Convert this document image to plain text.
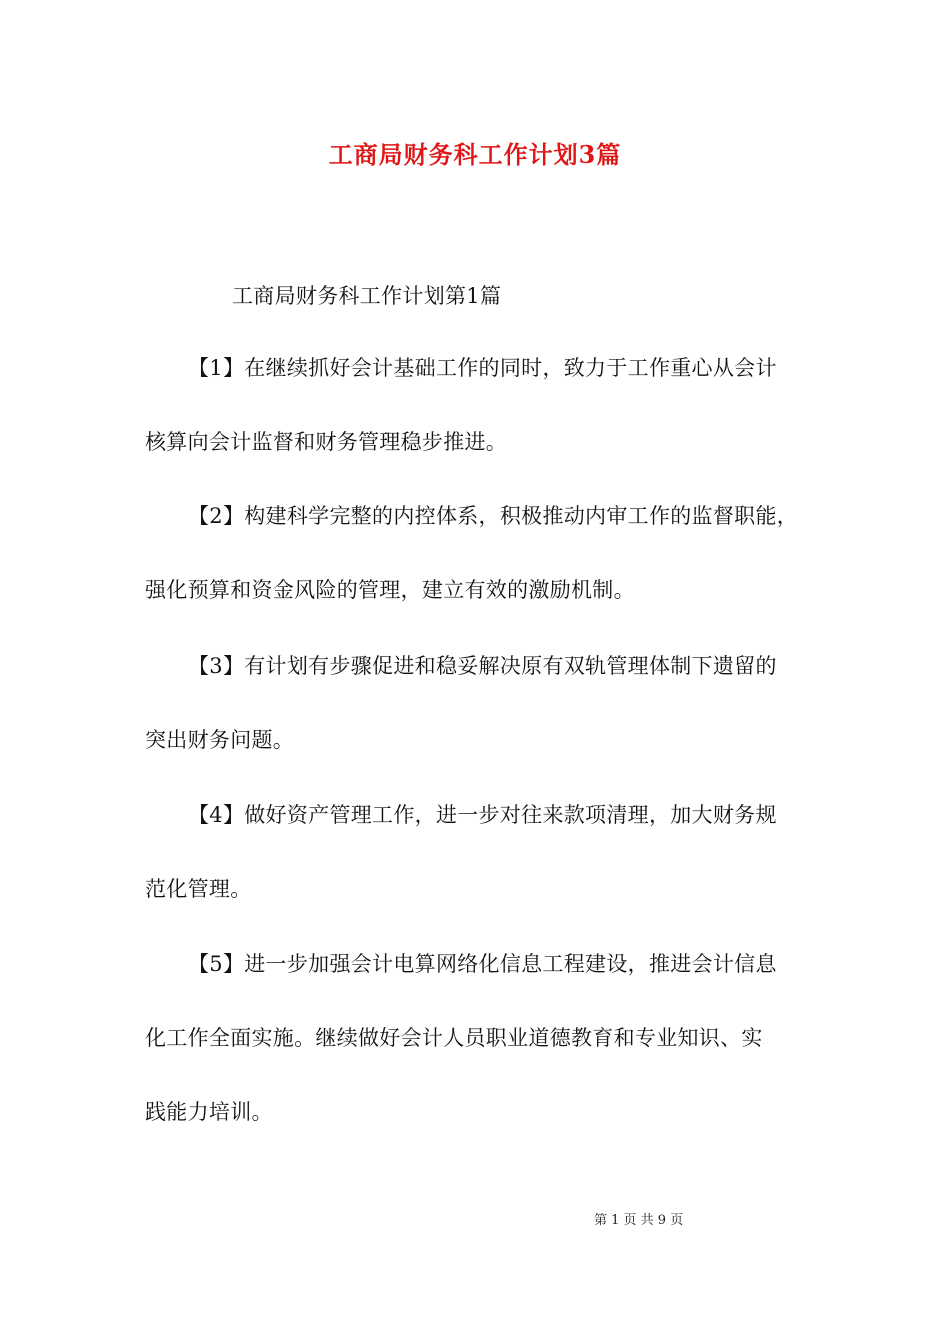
工商局财务科工作计划3篇
工商局财务科工作计划第1篇
【1】在继续抓好会计基础工作的同时，致力于工作重心从会计
核算向会计监督和财务管理稳步推进。
【2】构建科学完整的内控体系，积极推动内审工作的监督职能，
强化预算和资金风险的管理，建立有效的激励机制。
【3】有计划有步骤促进和稳妥解决原有双轨管理体制下遗留的
突出财务问题。
【4】做好资产管理工作，进一步对往来款项清理，加大财务规
范化管理。
【5】进一步加强会计电算网络化信息工程建设，推进会计信息
化工作全面实施。继续做好会计人员职业道德教育和专业知识、实
践能力培训。
第 1 页 共 9 页
